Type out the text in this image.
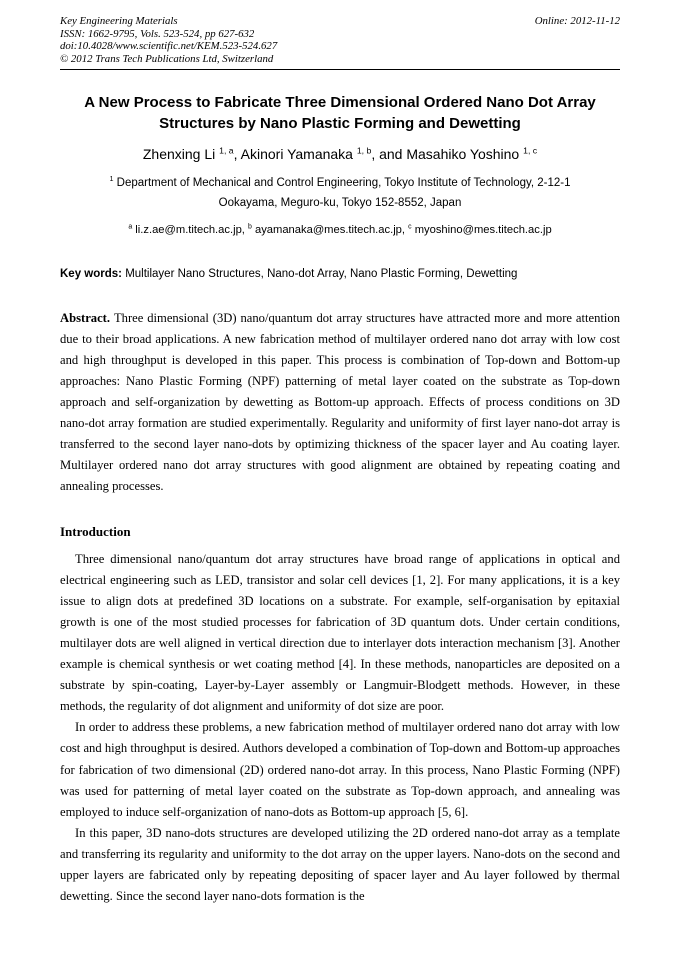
Key Engineering Materials
ISSN: 1662-9795, Vols. 523-524, pp 627-632
doi:10.4028/www.scientific.net/KEM.523-524.627
© 2012 Trans Tech Publications Ltd, Switzerland
Online: 2012-11-12

A New Process to Fabricate Three Dimensional Ordered Nano Dot Array Structures by Nano Plastic Forming and Dewetting

Zhenxing Li $^{1, a}$, Akinori Yamanaka $^{1, b}$, and Masahiko Yoshino $^{1, c}$

$^1$ Department of Mechanical and Control Engineering, Tokyo Institute of Technology, 2-12-1
Ookayama, Meguro-ku, Tokyo 152-8552, Japan

$^a$ li.z.ae@m.titech.ac.jp, $^b$ ayamanaka@mes.titech.ac.jp, $^c$ myoshino@mes.titech.ac.jp

Key words: Multilayer Nano Structures, Nano-dot Array, Nano Plastic Forming, Dewetting

Abstract. Three dimensional (3D) nano/quantum dot array structures have attracted more and more attention due to their broad applications. A new fabrication method of multilayer ordered nano dot array with low cost and high throughput is developed in this paper. This process is combination of Top-down and Bottom-up approaches: Nano Plastic Forming (NPF) patterning of metal layer coated on the substrate as Top-down approach and self-organization by dewetting as Bottom-up approach. Effects of process conditions on 3D nano-dot array formation are studied experimentally. Regularity and uniformity of first layer nano-dot array is transferred to the second layer nano-dots by optimizing thickness of the spacer layer and Au coating layer. Multilayer ordered nano dot array structures with good alignment are obtained by repeating coating and annealing processes.

Introduction

Three dimensional nano/quantum dot array structures have broad range of applications in optical and electrical engineering such as LED, transistor and solar cell devices [1, 2]. For many applications, it is a key issue to align dots at predefined 3D locations on a substrate. For example, self-organisation by epitaxial growth is one of the most studied processes for fabrication of 3D quantum dots. Under certain conditions, multilayer dots are well aligned in vertical direction due to interlayer dots interaction mechanism [3]. Another example is chemical synthesis or wet coating method [4]. In these methods, nanoparticles are deposited on a substrate by spin-coating, Layer-by-Layer assembly or Langmuir-Blodgett methods. However, in these methods, the regularity of dot alignment and uniformity of dot size are poor.

In order to address these problems, a new fabrication method of multilayer ordered nano dot array with low cost and high throughput is desired. Authors developed a combination of Top-down and Bottom-up approaches for fabrication of two dimensional (2D) ordered nano-dot array. In this process, Nano Plastic Forming (NPF) was used for patterning of metal layer coated on the substrate as Top-down approach, and annealing was employed to induce self-organization of nano-dots as Bottom-up approach [5, 6].

In this paper, 3D nano-dots structures are developed utilizing the 2D ordered nano-dot array as a template and transferring its regularity and uniformity to the dot array on the upper layers. Nano-dots on the second and upper layers are fabricated only by repeating depositing of spacer layer and Au layer followed by thermal dewetting. Since the second layer nano-dots formation is the
